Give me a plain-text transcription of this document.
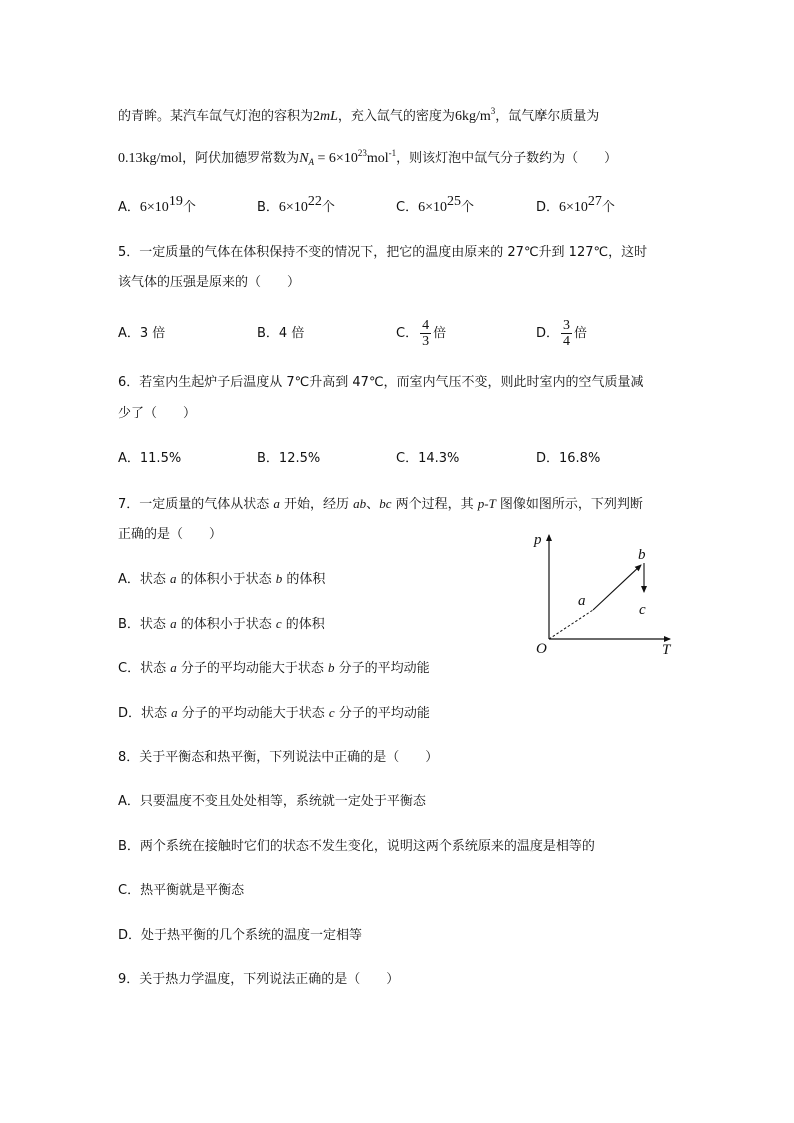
的青眸。某汽车氙气灯泡的容积为2mL，充入氙气的密度为$6kg/m^3$，氙气摩尔质量为
0.13kg/mol，阿伏加德罗常数为$N_A = 6\times 10^{23}mol^{-1}$，则该灯泡中氙气分子数约为（　　）
A．$6\times 10^{19}$个	B．$6\times 10^{22}$个	C．$6\times 10^{25}$个	D．$6\times 10^{27}$个
5．一定质量的气体在体积保持不变的情况下，把它的温度由原来的 27℃升到 127℃，这时
该气体的压强是原来的（　　）
A．3 倍	B．4 倍	C． $\frac{4}{3}$ 倍	D． $\frac{3}{4}$ 倍
6．若室内生起炉子后温度从 7℃升高到 47℃，而室内气压不变，则此时室内的空气质量减
少了（　　）
A．11.5%	B．12.5%	C．14.3%	D．16.8%
7．一定质量的气体从状态 a 开始，经历 ab、bc 两个过程，其 p-T 图像如图所示，下列判断
正确的是（　　）
A．状态 a 的体积小于状态 b 的体积
B．状态 a 的体积小于状态 c 的体积
C．状态 a 分子的平均动能大于状态 b 分子的平均动能
D．状态 a 分子的平均动能大于状态 c 分子的平均动能
p
T
O
a
b
c
8．关于平衡态和热平衡，下列说法中正确的是（　　）
A．只要温度不变且处处相等，系统就一定处于平衡态
B．两个系统在接触时它们的状态不发生变化，说明这两个系统原来的温度是相等的
C．热平衡就是平衡态
D．处于热平衡的几个系统的温度一定相等
9．关于热力学温度，下列说法正确的是（　　）
